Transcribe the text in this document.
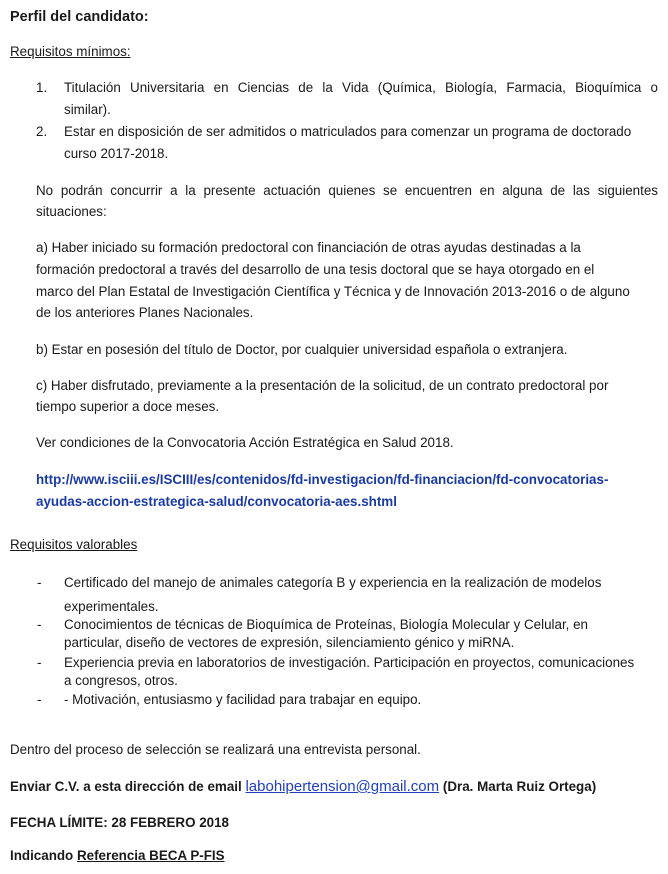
Perfil del candidato:
Requisitos mínimos:
1. Titulación Universitaria en Ciencias de la Vida (Química, Biología, Farmacia, Bioquímica o
similar).
2. Estar en disposición de ser admitidos o matriculados para comenzar un programa de doctorado
curso 2017-2018.
No podrán concurrir a la presente actuación quienes se encuentren en alguna de las siguientes
situaciones:
a) Haber iniciado su formación predoctoral con financiación de otras ayudas destinadas a la
formación predoctoral a través del desarrollo de una tesis doctoral que se haya otorgado en el
marco del Plan Estatal de Investigación Científica y Técnica y de Innovación 2013-2016 o de alguno
de los anteriores Planes Nacionales.
b) Estar en posesión del título de Doctor, por cualquier universidad española o extranjera.
c) Haber disfrutado, previamente a la presentación de la solicitud, de un contrato predoctoral por
tiempo superior a doce meses.
Ver condiciones de la Convocatoria Acción Estratégica en Salud 2018.
http://www.isciii.es/ISCIII/es/contenidos/fd-investigacion/fd-financiacion/fd-convocatorias-
ayudas-accion-estrategica-salud/convocatoria-aes.shtml
Requisitos valorables
- Certificado del manejo de animales categoría B y experiencia en la realización de modelos
experimentales.
- Conocimientos de técnicas de Bioquímica de Proteínas, Biología Molecular y Celular, en
particular, diseño de vectores de expresión, silenciamiento génico y miRNA.
- Experiencia previa en laboratorios de investigación. Participación en proyectos, comunicaciones
a congresos, otros.
- - Motivación, entusiasmo y facilidad para trabajar en equipo.
Dentro del proceso de selección se realizará una entrevista personal.
Enviar C.V. a esta dirección de email labohipertension@gmail.com (Dra. Marta Ruiz Ortega)
FECHA LÍMITE: 28 FEBRERO 2018
Indicando Referencia BECA P-FIS
